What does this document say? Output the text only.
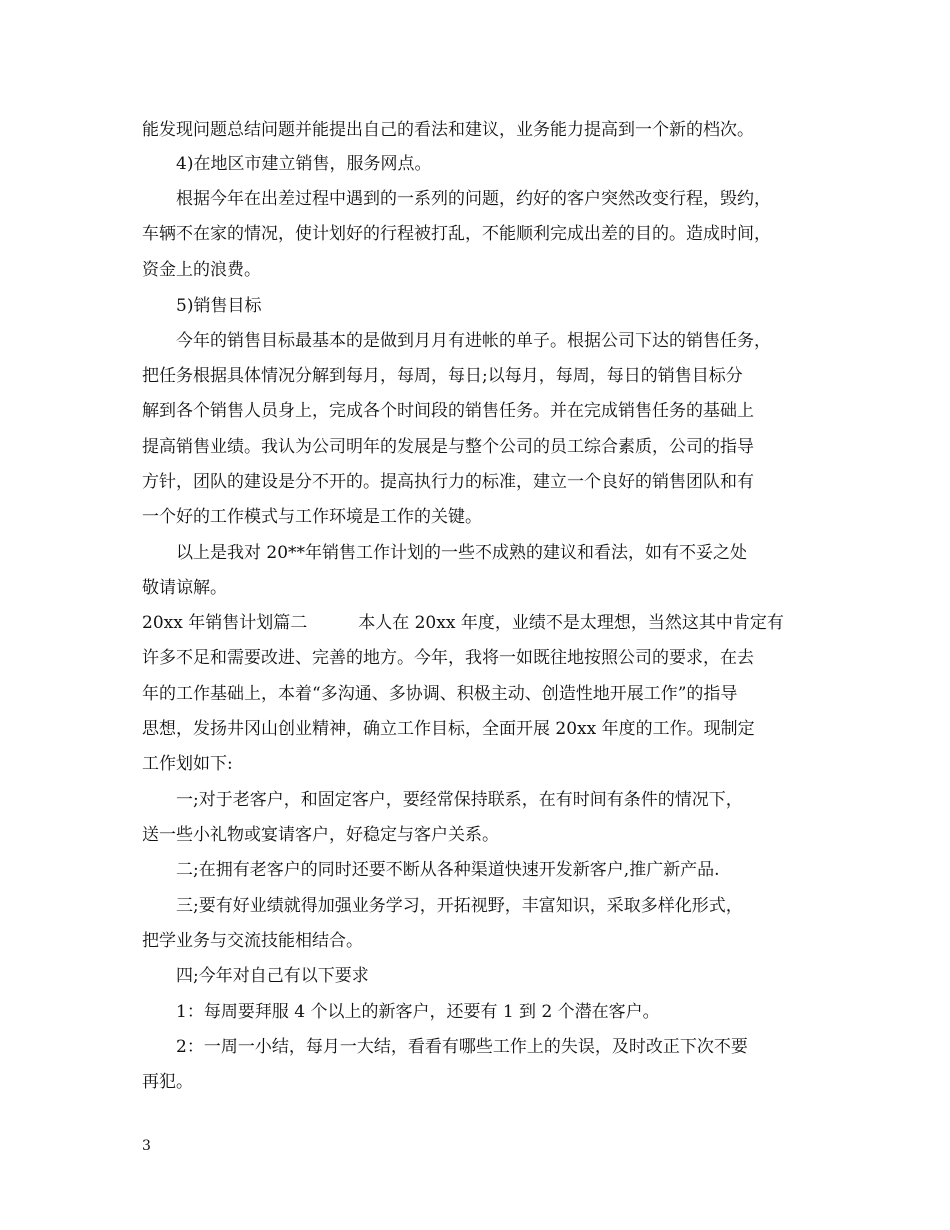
能发现问题总结问题并能提出自己的看法和建议，业务能力提高到一个新的档次。
4)在地区市建立销售，服务网点。
根据今年在出差过程中遇到的一系列的问题，约好的客户突然改变行程，毁约，
车辆不在家的情况，使计划好的行程被打乱，不能顺利完成出差的目的。造成时间，
资金上的浪费。
5)销售目标
今年的销售目标最基本的是做到月月有进帐的单子。根据公司下达的销售任务，
把任务根据具体情况分解到每月，每周，每日;以每月，每周，每日的销售目标分
解到各个销售人员身上，完成各个时间段的销售任务。并在完成销售任务的基础上
提高销售业绩。我认为公司明年的发展是与整个公司的员工综合素质，公司的指导
方针，团队的建设是分不开的。提高执行力的标准，建立一个良好的销售团队和有
一个好的工作模式与工作环境是工作的关键。
以上是我对 20**年销售工作计划的一些不成熟的建议和看法，如有不妥之处
敬请谅解。
20xx 年销售计划篇二　　　本人在 20xx 年度，业绩不是太理想，当然这其中肯定有
许多不足和需要改进、完善的地方。今年，我将一如既往地按照公司的要求，在去
年的工作基础上，本着“多沟通、多协调、积极主动、创造性地开展工作”的指导
思想，发扬井冈山创业精神，确立工作目标，全面开展 20xx 年度的工作。现制定
工作划如下:
一;对于老客户，和固定客户，要经常保持联系，在有时间有条件的情况下，
送一些小礼物或宴请客户，好稳定与客户关系。
二;在拥有老客户的同时还要不断从各种渠道快速开发新客户,推广新产品.
三;要有好业绩就得加强业务学习，开拓视野，丰富知识，采取多样化形式，
把学业务与交流技能相结合。
四;今年对自己有以下要求
1：每周要拜服 4 个以上的新客户，还要有 1 到 2 个潜在客户。
2：一周一小结，每月一大结，看看有哪些工作上的失误，及时改正下次不要
再犯。
3
